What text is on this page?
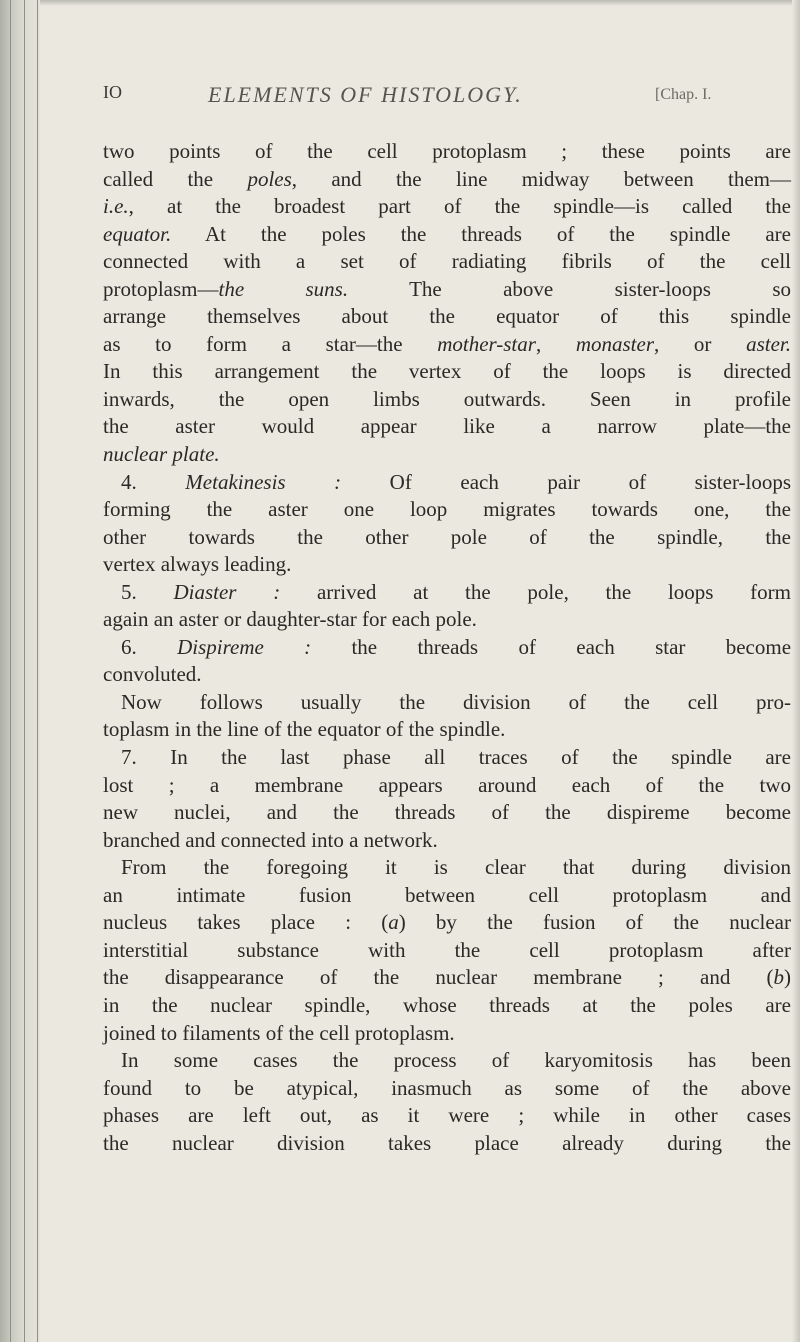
IO	ELEMENTS OF HISTOLOGY.	[Chap. I.
two points of the cell protoplasm ; these points are
called the poles, and the line midway between them—
i.e., at the broadest part of the spindle—is called the
equator. At the poles the threads of the spindle are
connected with a set of radiating fibrils of the cell
protoplasm—the suns. The above sister-loops so
arrange themselves about the equator of this spindle
as to form a star—the mother-star, monaster, or aster.
In this arrangement the vertex of the loops is directed
inwards, the open limbs outwards. Seen in profile
the aster would appear like a narrow plate—the
nuclear plate.
4. Metakinesis : Of each pair of sister-loops
forming the aster one loop migrates towards one, the
other towards the other pole of the spindle, the
vertex always leading.
5. Diaster : arrived at the pole, the loops form
again an aster or daughter-star for each pole.
6. Dispireme : the threads of each star become
convoluted.
Now follows usually the division of the cell pro-
toplasm in the line of the equator of the spindle.
7. In the last phase all traces of the spindle are
lost ; a membrane appears around each of the two
new nuclei, and the threads of the dispireme become
branched and connected into a network.
From the foregoing it is clear that during division
an intimate fusion between cell protoplasm and
nucleus takes place : (a) by the fusion of the nuclear
interstitial substance with the cell protoplasm after
the disappearance of the nuclear membrane ; and (b)
in the nuclear spindle, whose threads at the poles are
joined to filaments of the cell protoplasm.
In some cases the process of karyomitosis has been
found to be atypical, inasmuch as some of the above
phases are left out, as it were ; while in other cases
the nuclear division takes place already during the
